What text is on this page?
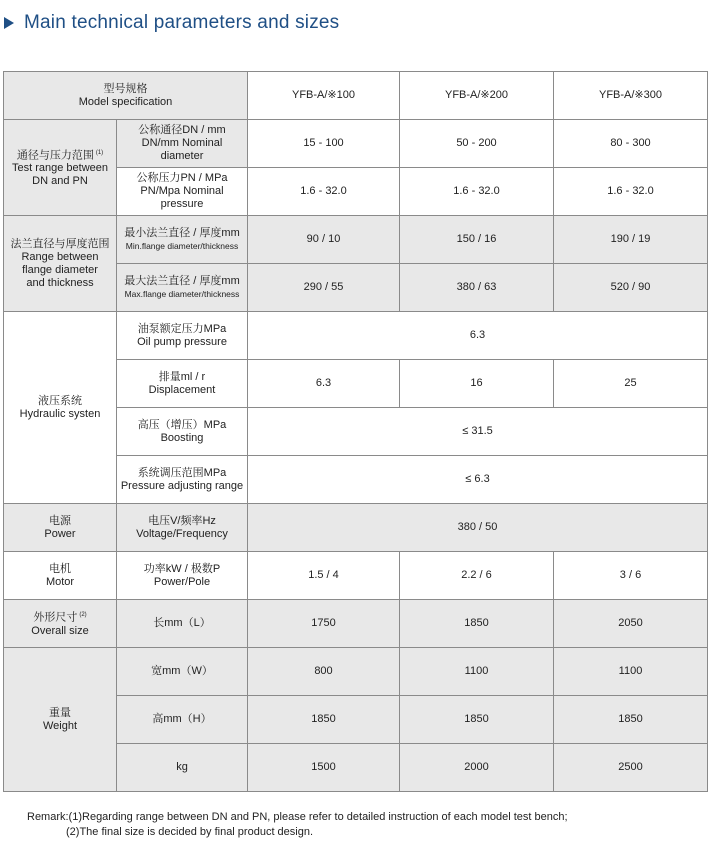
Main technical parameters and sizes
型号规格
Model specification		YFB-A/※100	YFB-A/※200	YFB-A/※300

通径与压力范围 $^{(1)}$
Test range between DN and PN	公称通径DN / mm
DN/mm Nominal diameter	15 - 100	50 - 200	80 - 300

	公称压力PN / MPa
PN/Mpa Nominal pressure	1.6 - 32.0	1.6 - 32.0	1.6 - 32.0

法兰直径与厚度范围
Range between flange diameter
and thickness	最小法兰直径 / 厚度mm
Min.flange diameter/thickness	90 / 10	150 / 16	190 / 19

	最大法兰直径 / 厚度mm
Max.flange diameter/thickness	290 / 55	380 / 63	520 / 90

液压系统
Hydraulic systen	油泵额定压力MPa
Oil pump pressure	6.3		

	排量ml / r
Displacement	6.3	16	25

	高压（增压）MPa
Boosting	≤ 31.5		

	系统调压范围MPa
Pressure adjusting range	≤ 6.3		

电源
Power	电压V/频率Hz
Voltage/Frequency	380 / 50		

电机
Motor	功率kW / 极数P
Power/Pole	1.5 / 4	2.2 / 6	3 / 6

外形尺寸 $^{(2)}$
Overall size	长mm（L）	1750	1850	2050

重量
Weight	宽mm（W）	800	1100	1100
	高mm（H）	1850	1850	1850
	kg	1500	2000	2500
Remark:(1)Regarding range between DN and PN, please refer to detailed instruction of each model test bench;
(2)The final size is decided by final product design.
